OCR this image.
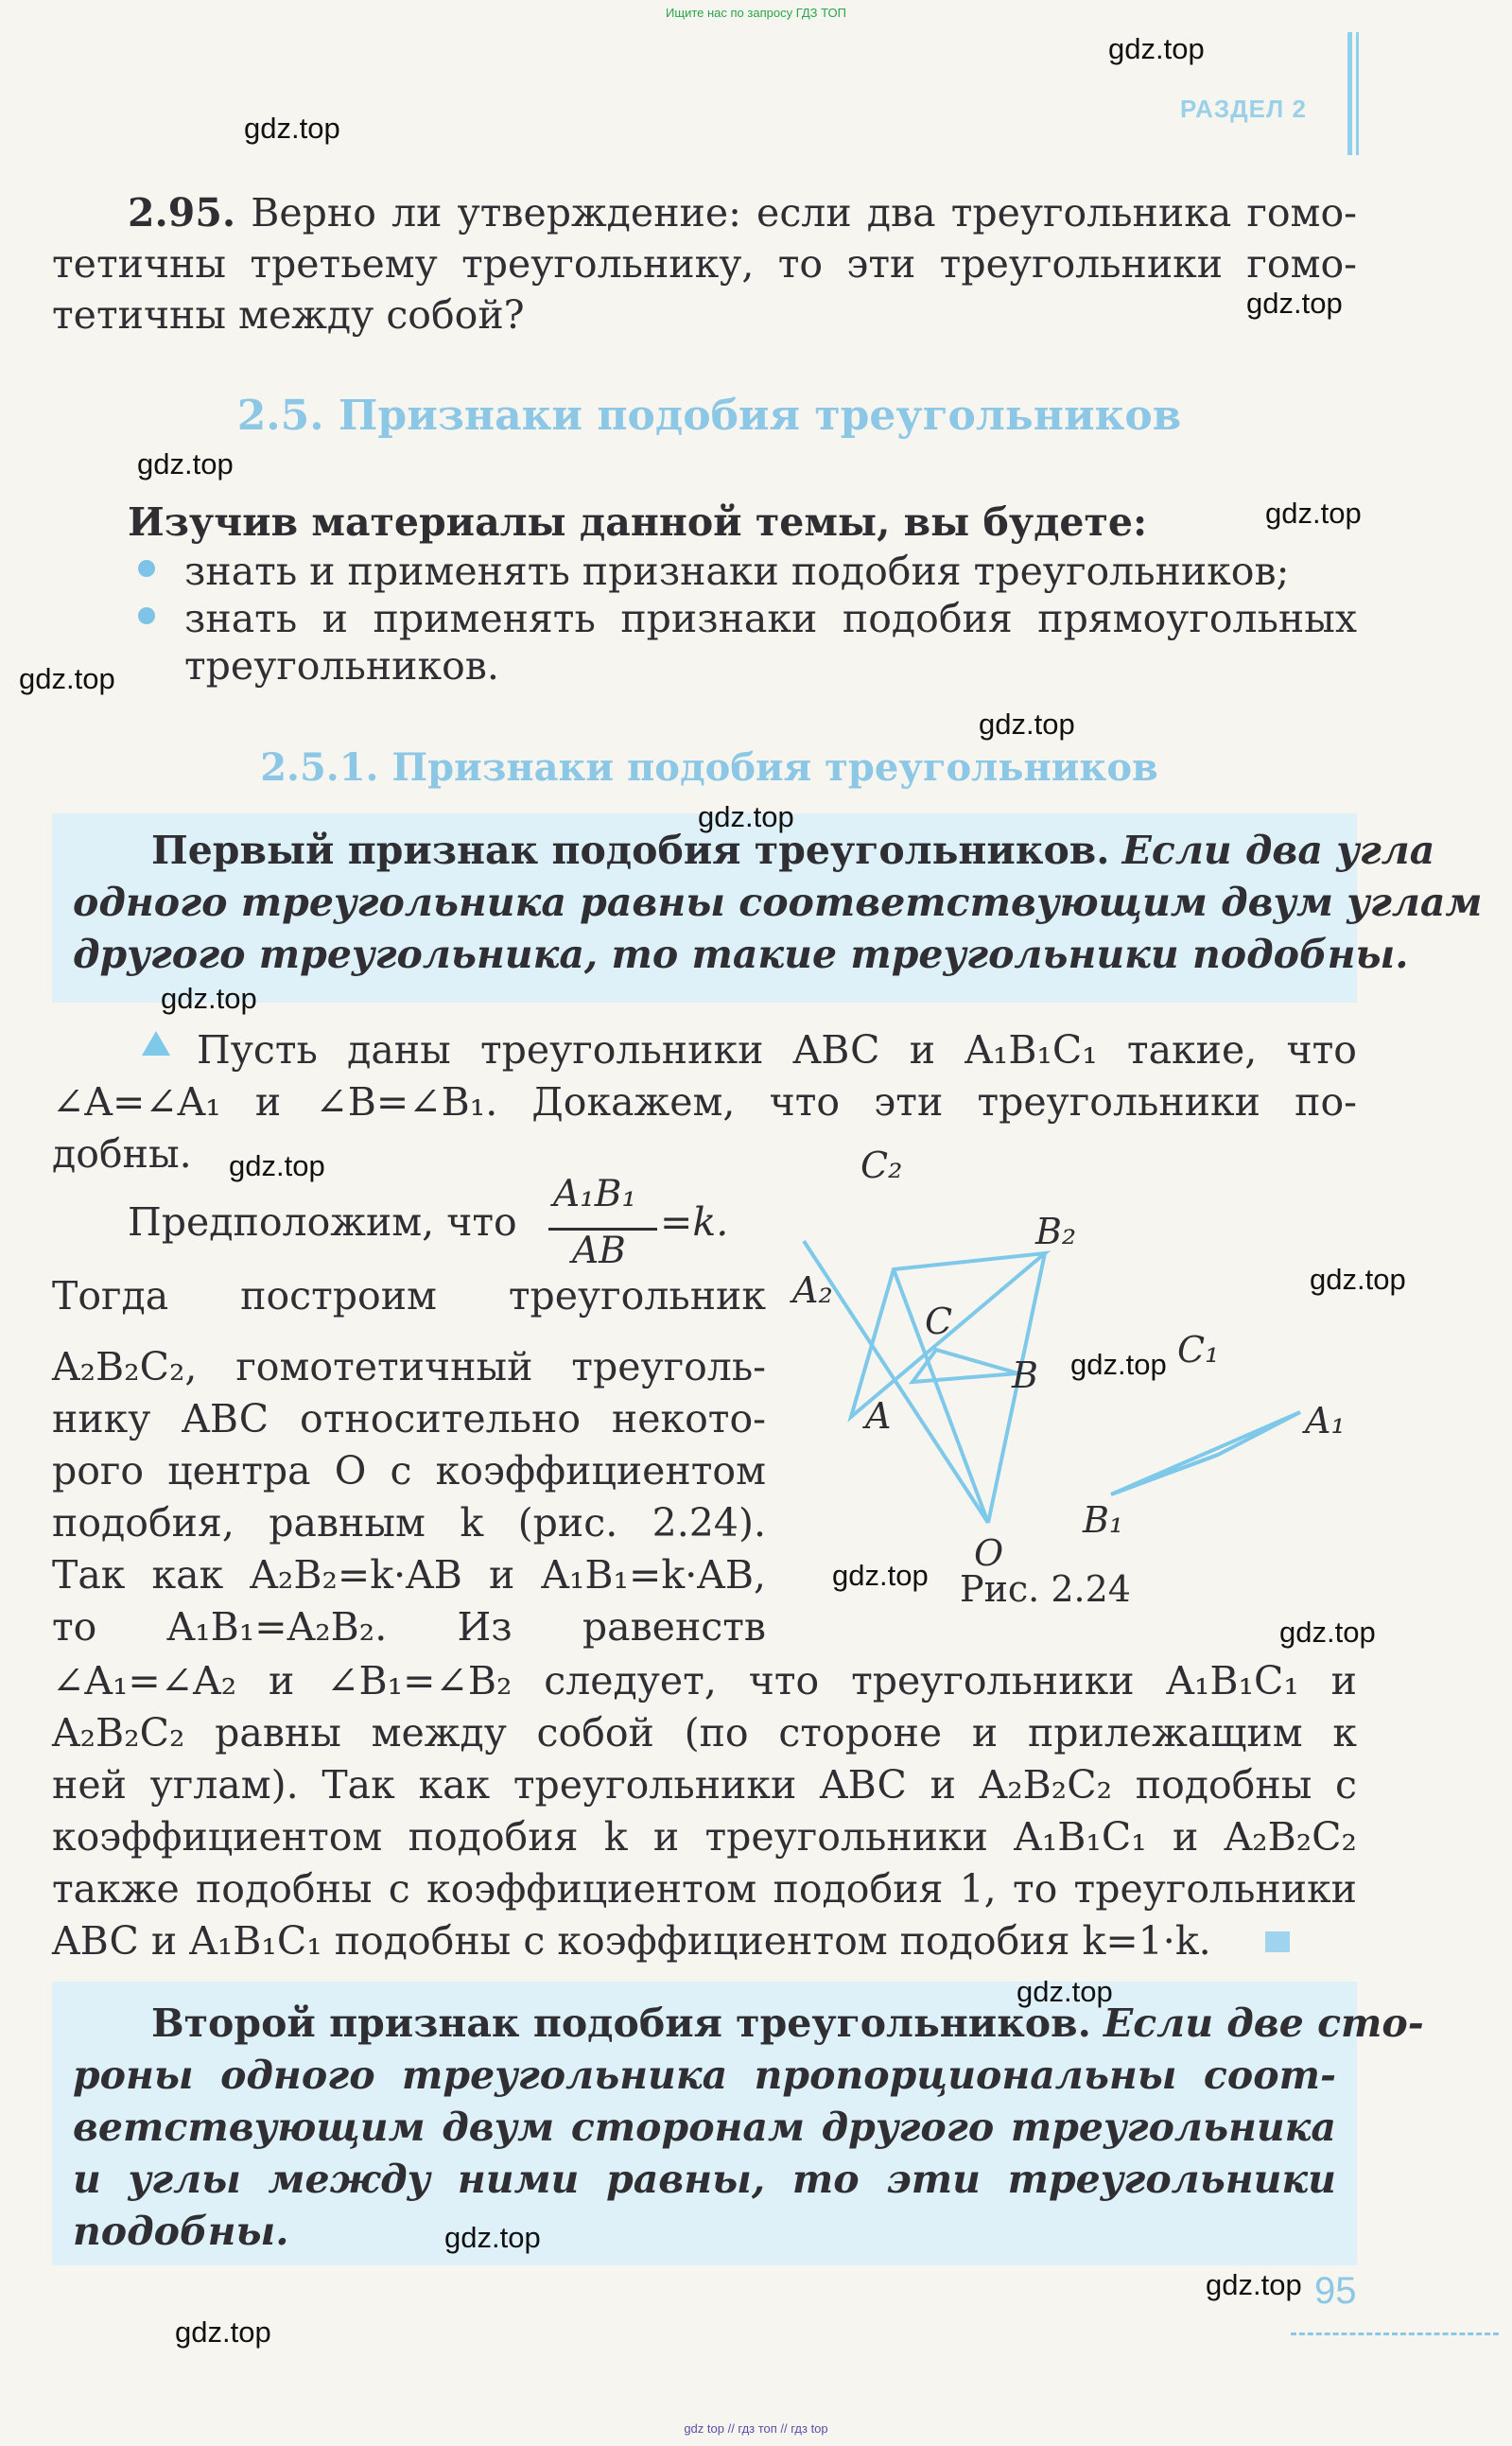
Ищите нас по запросу ГДЗ ТОП
РАЗДЕЛ 2
2.95. Верно ли утверждение: если два треугольника гомо-
тетичны третьему треугольнику, то эти треугольники гомо-
тетичны между собой?
2.5. Признаки подобия треугольников
Изучив материалы данной темы, вы будете:
знать и применять признаки подобия треугольников;
знать и применять признаки подобия прямоугольных
треугольников.
2.5.1. Признаки подобия треугольников
Первый признак подобия треугольников. Если два угла
одного треугольника равны соответствующим двум углам
другого треугольника, то такие треугольники подобны.
Пусть даны треугольники ABC и A₁B₁C₁ такие, что
∠A=∠A₁ и ∠B=∠B₁. Докажем, что эти треугольники по-
добны.
Предположим, что
A₁B₁
AB
=k.
Тогда построим треугольник
A₂B₂C₂, гомотетичный треуголь-
нику ABC относительно некото-
рого центра O с коэффициентом
подобия, равным k (рис. 2.24).
Так как A₂B₂=k·AB и A₁B₁=k·AB,
то A₁B₁=A₂B₂. Из равенств
C₂
B₂
A₂
C
B
A
C₁
A₁
B₁
O
Рис. 2.24
∠A₁=∠A₂ и ∠B₁=∠B₂ следует, что треугольники A₁B₁C₁ и
A₂B₂C₂ равны между собой (по стороне и прилежащим к
ней углам). Так как треугольники ABC и A₂B₂C₂ подобны с
коэффициентом подобия k и треугольники A₁B₁C₁ и A₂B₂C₂
также подобны с коэффициентом подобия 1, то треугольники
ABC и A₁B₁C₁ подобны с коэффициентом подобия k=1·k.
Второй признак подобия треугольников. Если две сто-
роны одного треугольника пропорциональны соот-
ветствующим двум сторонам другого треугольника
и углы между ними равны, то эти треугольники
подобны.
95
gdz top // гдз топ // гдз top
gdz.top
gdz.top
gdz.top
gdz.top
gdz.top
gdz.top
gdz.top
gdz.top
gdz.top
gdz.top
gdz.top
gdz.top
gdz.top
gdz.top
gdz.top
gdz.top
gdz.top
gdz.top
